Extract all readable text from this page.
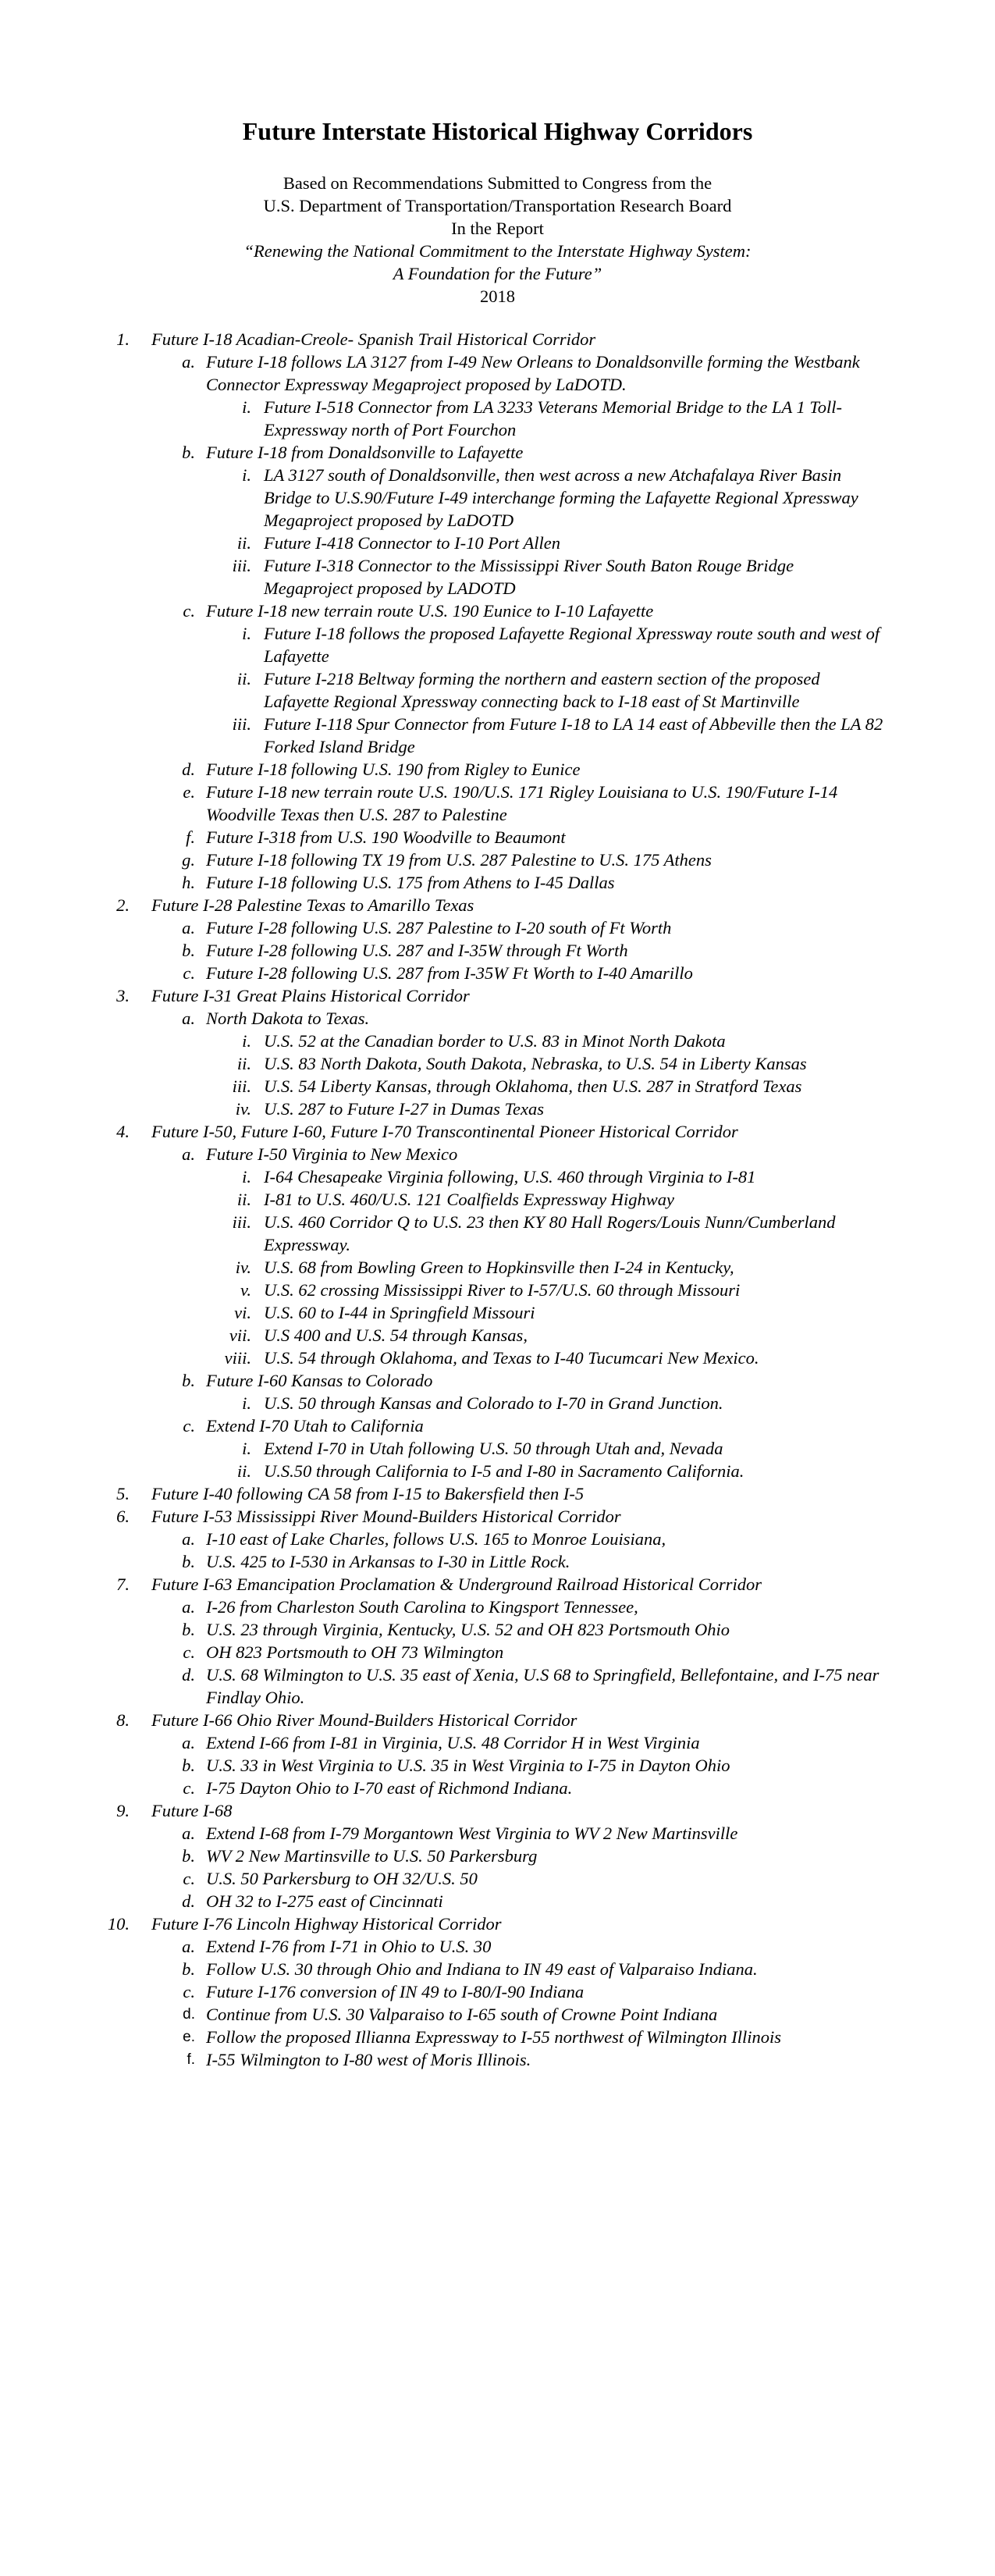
Future Interstate Historical Highway Corridors
Based on Recommendations Submitted to Congress from the
U.S. Department of Transportation/Transportation Research Board
In the Report
“Renewing the National Commitment to the Interstate Highway System:
A Foundation for the Future”
2018
1. Future I-18 Acadian-Creole- Spanish Trail Historical Corridor
a. Future I-18 follows LA 3127 from I-49 New Orleans to Donaldsonville forming the Westbank Connector Expressway Megaproject proposed by LaDOTD.
i. Future I-518 Connector from LA 3233 Veterans Memorial Bridge to the LA 1 Toll-Expressway north of Port Fourchon
b. Future I-18 from Donaldsonville to Lafayette
i. LA 3127 south of Donaldsonville, then west across a new Atchafalaya River Basin Bridge to U.S.90/Future I-49 interchange forming the Lafayette Regional Xpressway Megaproject proposed by LaDOTD
ii. Future I-418 Connector to I-10 Port Allen
iii. Future I-318 Connector to the Mississippi River South Baton Rouge Bridge Megaproject proposed by LADOTD
c. Future I-18 new terrain route U.S. 190 Eunice to I-10 Lafayette
i. Future I-18 follows the proposed Lafayette Regional Xpressway route south and west of Lafayette
ii. Future I-218 Beltway forming the northern and eastern section of the proposed Lafayette Regional Xpressway connecting back to I-18 east of St Martinville
iii. Future I-118 Spur Connector from Future I-18 to LA 14 east of Abbeville then the LA 82 Forked Island Bridge
d. Future I-18 following U.S. 190 from Rigley to Eunice
e. Future I-18 new terrain route U.S. 190/U.S. 171 Rigley Louisiana to U.S. 190/Future I-14 Woodville Texas then U.S. 287 to Palestine
f. Future I-318 from U.S. 190 Woodville to Beaumont
g. Future I-18 following TX 19 from U.S. 287 Palestine to U.S. 175 Athens
h. Future I-18 following U.S. 175 from Athens to I-45 Dallas
2. Future I-28 Palestine Texas to Amarillo Texas
a. Future I-28 following U.S. 287 Palestine to I-20 south of Ft Worth
b. Future I-28 following U.S. 287 and I-35W through Ft Worth
c. Future I-28 following U.S. 287 from I-35W Ft Worth to I-40 Amarillo
3. Future I-31 Great Plains Historical Corridor
a. North Dakota to Texas.
i. U.S. 52 at the Canadian border to U.S. 83 in Minot North Dakota
ii. U.S. 83 North Dakota, South Dakota, Nebraska, to U.S. 54 in Liberty Kansas
iii. U.S. 54 Liberty Kansas, through Oklahoma, then U.S. 287 in Stratford Texas
iv. U.S. 287 to Future I-27 in Dumas Texas
4. Future I-50, Future I-60, Future I-70 Transcontinental Pioneer Historical Corridor
a. Future I-50 Virginia to New Mexico
i. I-64 Chesapeake Virginia following, U.S. 460 through Virginia to I-81
ii. I-81 to U.S. 460/U.S. 121 Coalfields Expressway Highway
iii. U.S. 460 Corridor Q to U.S. 23 then KY 80 Hall Rogers/Louis Nunn/Cumberland Expressway.
iv. U.S. 68 from Bowling Green to Hopkinsville then I-24 in Kentucky,
v. U.S. 62 crossing Mississippi River to I-57/U.S. 60 through Missouri
vi. U.S. 60 to I-44 in Springfield Missouri
vii. U.S 400 and U.S. 54 through Kansas,
viii. U.S. 54 through Oklahoma, and Texas to I-40 Tucumcari New Mexico.
b. Future I-60 Kansas to Colorado
i. U.S. 50 through Kansas and Colorado to I-70 in Grand Junction.
c. Extend I-70 Utah to California
i. Extend I-70 in Utah following U.S. 50 through Utah and, Nevada
ii. U.S.50 through California to I-5 and I-80 in Sacramento California.
5. Future I-40 following CA 58 from I-15 to Bakersfield then I-5
6. Future I-53 Mississippi River Mound-Builders Historical Corridor
a. I-10 east of Lake Charles, follows U.S. 165 to Monroe Louisiana,
b. U.S. 425 to I-530 in Arkansas to I-30 in Little Rock.
7. Future I-63 Emancipation Proclamation & Underground Railroad Historical Corridor
a. I-26 from Charleston South Carolina to Kingsport Tennessee,
b. U.S. 23 through Virginia, Kentucky, U.S. 52 and OH 823 Portsmouth Ohio
c. OH 823 Portsmouth to OH 73 Wilmington
d. U.S. 68 Wilmington to U.S. 35 east of Xenia, U.S 68 to Springfield, Bellefontaine, and I-75 near Findlay Ohio.
8. Future I-66 Ohio River Mound-Builders Historical Corridor
a. Extend I-66 from I-81 in Virginia, U.S. 48 Corridor H in West Virginia
b. U.S. 33 in West Virginia to U.S. 35 in West Virginia to I-75 in Dayton Ohio
c. I-75 Dayton Ohio to I-70 east of Richmond Indiana.
9. Future I-68
a. Extend I-68 from I-79 Morgantown West Virginia to WV 2 New Martinsville
b. WV 2 New Martinsville to U.S. 50 Parkersburg
c. U.S. 50 Parkersburg to OH 32/U.S. 50
d. OH 32 to I-275 east of Cincinnati
10. Future I-76 Lincoln Highway Historical Corridor
a. Extend I-76 from I-71 in Ohio to U.S. 30
b. Follow U.S. 30 through Ohio and Indiana to IN 49 east of Valparaiso Indiana.
c. Future I-176 conversion of IN 49 to I-80/I-90 Indiana
d. Continue from U.S. 30 Valparaiso to I-65 south of Crowne Point Indiana
e. Follow the proposed Illianna Expressway to I-55 northwest of Wilmington Illinois
f. I-55 Wilmington to I-80 west of Moris Illinois.
